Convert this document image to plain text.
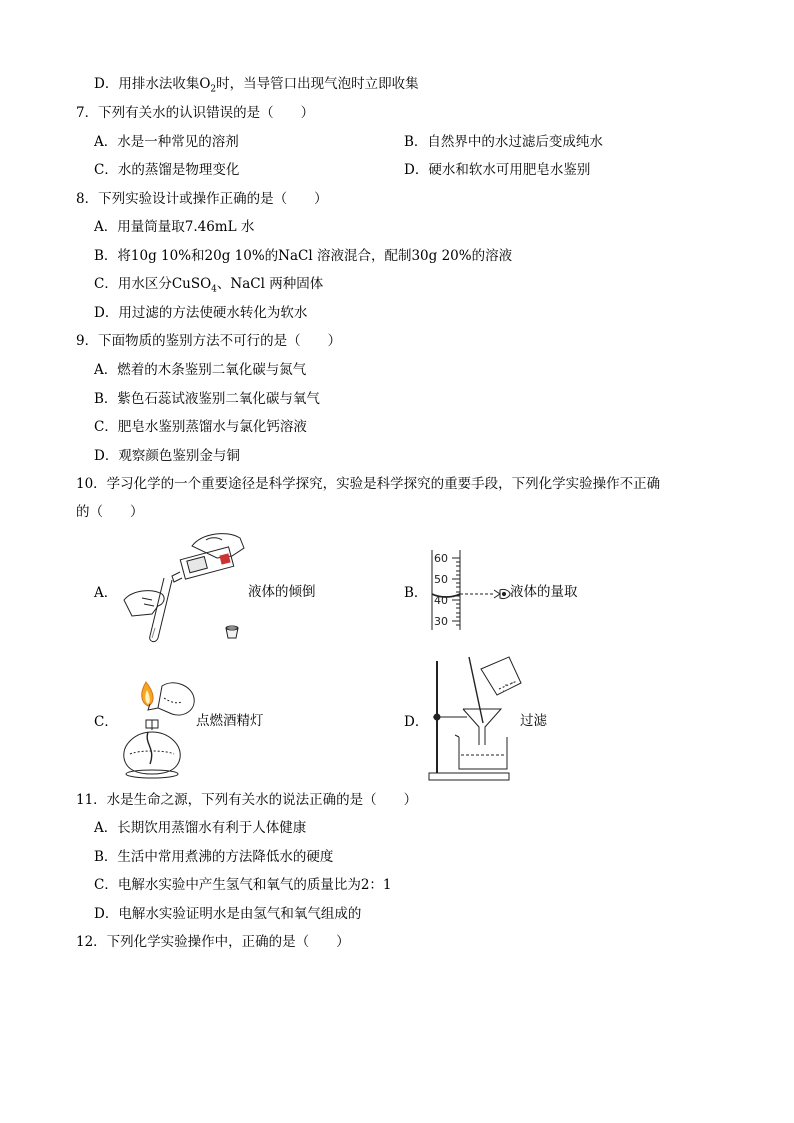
D．用排水法收集$O_2$时，当导管口出现气泡时立即收集
7．下列有关水的认识错误的是（　　）
A．水是一种常见的溶剂	B．自然界中的水过滤后变成纯水
C．水的蒸馏是物理变化	D．硬水和软水可用肥皂水鉴别
8．下列实验设计或操作正确的是（　　）
A．用量筒量取7.46mL 水
B．将10g 10%和20g 10%的NaCl 溶液混合，配制30g 20%的溶液
C．用水区分CuSO$_4$、NaCl 两种固体
D．用过滤的方法使硬水转化为软水
9．下面物质的鉴别方法不可行的是（　　）
A．燃着的木条鉴别二氧化碳与氮气
B．紫色石蕊试液鉴别二氧化碳与氧气
C．肥皂水鉴别蒸馏水与氯化钙溶液
D．观察颜色鉴别金与铜
10．学习化学的一个重要途径是科学探究，实验是科学探究的重要手段，下列化学实验操作不正确
的（　　）
A．	液体的倾倒	B．
60
50
40
30
液体的量取
C．	点燃酒精灯	D．	过滤
11．水是生命之源，下列有关水的说法正确的是（　　）
A．长期饮用蒸馏水有利于人体健康
B．生活中常用煮沸的方法降低水的硬度
C．电解水实验中产生氢气和氧气的质量比为2：1
D．电解水实验证明水是由氢气和氧气组成的
12．下列化学实验操作中，正确的是（　　）
